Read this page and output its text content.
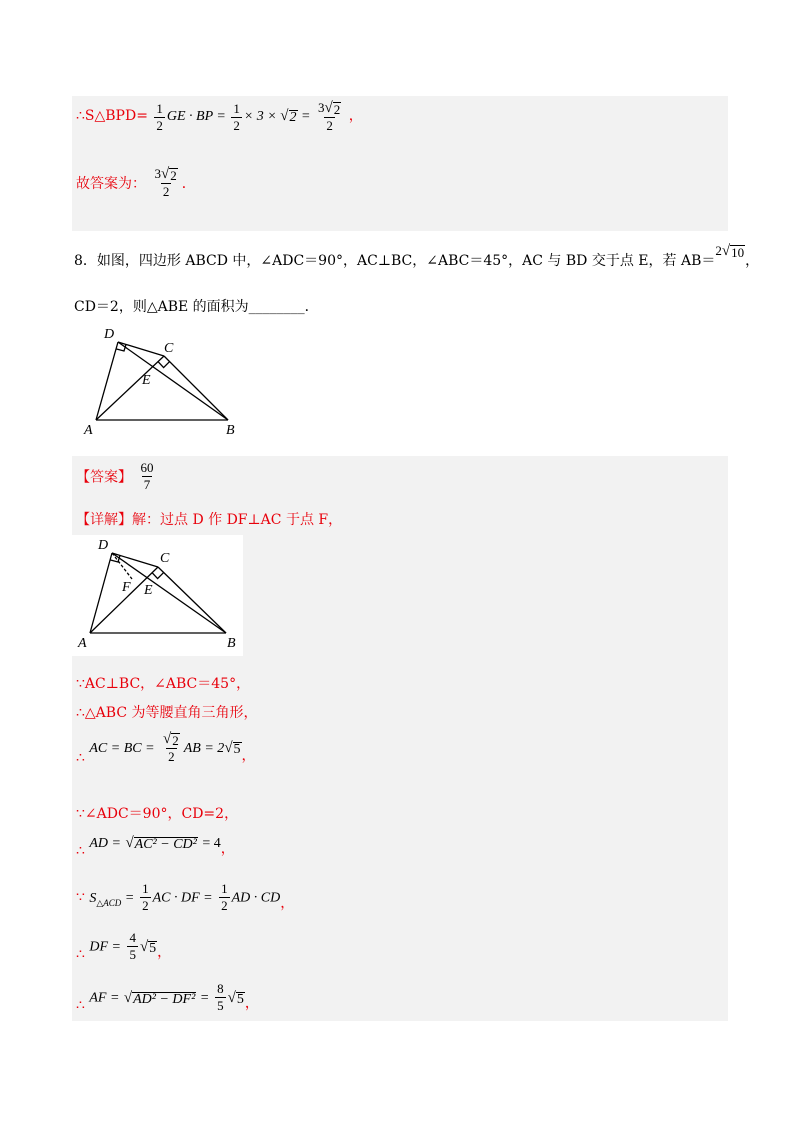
∴S△BPD= $\frac{1}{2}$ GE · BP = $\frac{1}{2} \times 3$ × √ $2 = \frac{3 √ 2}{2}$ ，
故答案为： $\frac{3 √ 2}{2}$ ．
8．如图，四边形 ABCD 中，∠ADC＝90°，AC⊥BC，∠ABC＝45°，AC 与 BD 交于点 E，若 AB＝2 √ 10
，
CD＝2，则△ABE 的面积为________．
D
C
E
A	B
【答案】 $\frac{60}{7}$
【详解】解：过点 D 作 DF⊥AC 于点 F，
D
C
F E
A	B
∵AC⊥BC，∠ABC＝45°，
∴△ABC 为等腰直角三角形，
∴ AC = BC = $\frac{√ 2}{2}$ AB = 2 √ 5 ，
∵∠ADC＝90°，CD=2，
∴ AD = √ AC² − CD² = 4，
∵ $S_{\triangle ACD} = \frac{1}{2}$ AC · DF = $\frac{1}{2}$ AD · CD，
∴ DF = $\frac{4}{5}$ √ 5 ，
∴ AF = √ $AD^2 - DF^2 = \frac{8}{5}$ √ 5 ，
